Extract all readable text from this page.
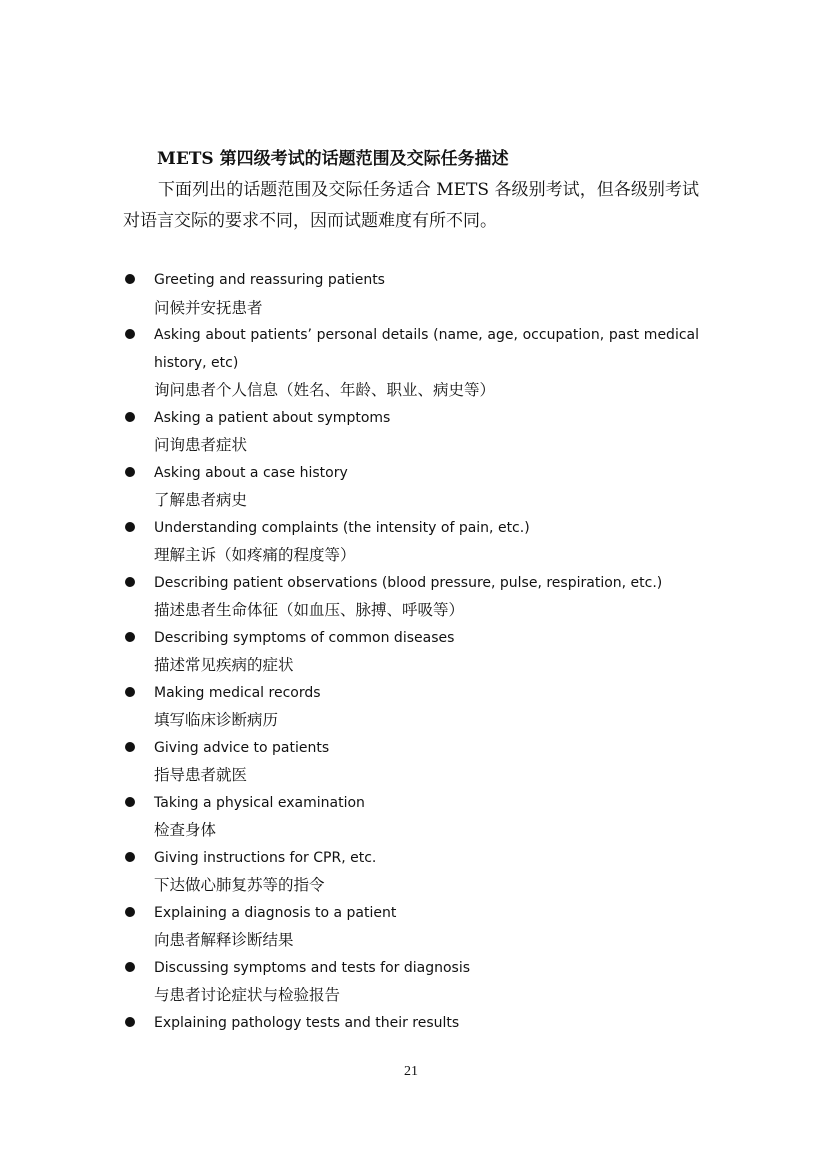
METS 第四级考试的话题范围及交际任务描述
下面列出的话题范围及交际任务适合 METS 各级别考试，但各级别考试对语言交际的要求不同，因而试题难度有所不同。
Greeting and reassuring patients
问候并安抚患者
Asking about patients’ personal details (name, age, occupation, past medical history, etc)
询问患者个人信息（姓名、年龄、职业、病史等）
Asking a patient about symptoms
问询患者症状
Asking about a case history
了解患者病史
Understanding complaints (the intensity of pain, etc.)
理解主诉（如疼痛的程度等）
Describing patient observations (blood pressure, pulse, respiration, etc.)
描述患者生命体征（如血压、脉搏、呼吸等）
Describing symptoms of common diseases
描述常见疾病的症状
Making medical records
填写临床诊断病历
Giving advice to patients
指导患者就医
Taking a physical examination
检查身体
Giving instructions for CPR, etc.
下达做心肺复苏等的指令
Explaining a diagnosis to a patient
向患者解释诊断结果
Discussing symptoms and tests for diagnosis
与患者讨论症状与检验报告
Explaining pathology tests and their results
21
